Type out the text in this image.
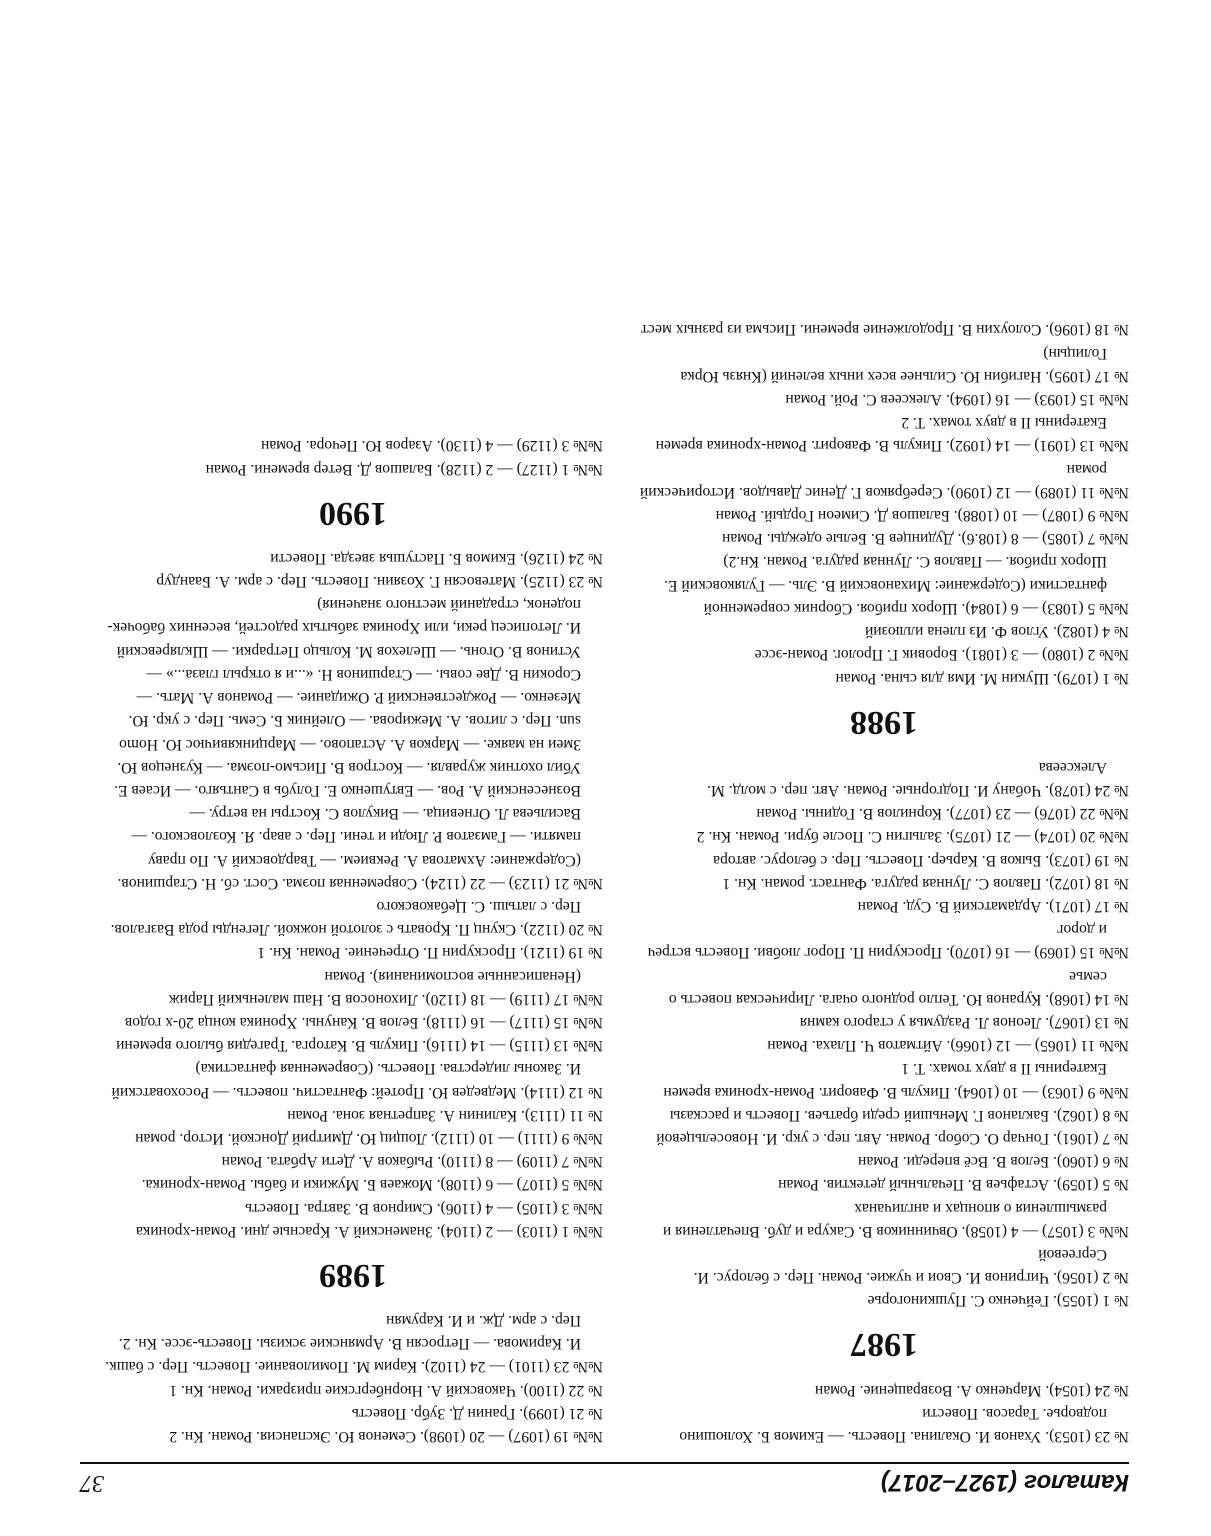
Каталог (1927–2017)
37
№ 23 (1053). Уханов И. Окалина. Повесть. — Екимов Б. Холюшино подворье. Тарасов. Повести
№ 24 (1054). Марченко А. Возвращение. Роман
1987
№ 1 (1055). Гейченко С. Пушкиногорье
№ 2 (1056). Чигринов И. Свои и чужие. Роман. Пер. с белорус. И. Сергеевой
№№ 3 (1057) — 4 (1058). Овчинников В. Сакура и дуб. Впечатления и размышления о японцах и англичанах
№ 5 (1059). Астафьев В. Печальный детектив. Роман
№ 6 (1060). Белов В. Всё впереди. Роман
№ 7 (1061). Гончар О. Собор. Роман. Авт. пер. с укр. И. Новосельцевой
№ 8 (1062). Бакланов Г. Меньший среди братьев. Повесть и рассказы
№№ 9 (1063) — 10 (1064). Пикуль В. Фаворит. Роман-хроника времен Екатерины II в двух томах. Т. 1
№№ 11 (1065) — 12 (1066). Айтматов Ч. Плаха. Роман
№ 13 (1067). Леонов Л. Раздумья у старого камня
№ 14 (1068). Куранов Ю. Тепло родного очага. Лирическая повесть о семье
№№ 15 (1069) — 16 (1070). Проскурин П. Порог любви. Повесть встреч и дорог
№ 17 (1071). Ардаматский В. Суд. Роман
№ 18 (1072). Павлов С. Лунная радуга. Фантаст. роман. Кн. 1
№ 19 (1073). Быков В. Карьер. Повесть. Пер. с белорус. автора
№№ 20 (1074) — 21 (1075). Залыгин С. После бури. Роман. Кн. 2
№№ 22 (1076) — 23 (1077). Корнилов В. Годины. Роман
№ 24 (1078). Чобану И. Подгорные. Роман. Авт. пер. с молд. М. Алексеева
1988
№ 1 (1079). Шукин М. Имя для сына. Роман
№№ 2 (1080) — 3 (1081). Боровик Г. Пролог. Роман-эссе
№ 4 (1082). Углов Ф. Из плена иллюзий
№№ 5 (1083) — 6 (1084). Шорох прибоя. Сборник современной фантастики (Содержание: Михановский В. Эль. — Гуляковский Е. Шорох прибоя. — Павлов С. Лунная радуга. Роман. Кн.2)
№№ 7 (1085) — 8 (108.6). Дудинцев В. Белые одежды. Роман
№№ 9 (1087) — 10 (1088). Балашов Д. Симеон Гордый. Роман
№№ 11 (1089) — 12 (1090). Серебряков Г. Денис Давыдов. Исторический роман
№№ 13 (1091) — 14 (1092). Пикуль В. Фаворит. Роман-хроника времен Екатерины II в двух томах. Т. 2
№№ 15 (1093) — 16 (1094). Алексеев С. Рой. Роман
№ 17 (1095). Нагибин Ю. Сильнее всех иных велений (Князь Юрка Голицын)
№ 18 (1096). Солоухин В. Продолжение времени. Письма из разных мест
№№ 19 (1097) — 20 (1098). Семенов Ю. Экспансия. Роман. Кн. 2
№ 21 (1099). Гранин Д. Зубр. Повесть
№ 22 (1100). Чаковский А. Нюрнбергские призраки. Роман. Кн. 1
№№ 23 (1101) — 24 (1102). Карим М. Помилование. Повесть. Пер. с башк. И. Каримова. — Петросян В. Армянские эскизы. Повесть-эссе. Кн. 2. Пер. с арм. Дж. и И. Карумян
1989
№№ 1 (1103) — 2 (1104). Знаменский А. Красные дни. Роман-хроника
№№ 3 (1105) — 4 (1106). Смирнов В. Завтра. Повесть
№№ 5 (1107) — 6 (1108). Можаев Б. Мужики и бабы. Роман-хроника.
№№ 7 (1109) — 8 (1110). Рыбаков А. Дети Арбата. Роман
№№ 9 (1111) — 10 (1112). Лощиц Ю. Дмитрий Донской. Истор. роман
№ 11 (1113). Калинин А. Запретная зона. Роман
№ 12 (1114). Медведев Ю. Протей: Фантастич. повесть. — Росоховатский И. Законы лидерства. Повесть. (Современная фантастика)
№№ 13 (1115) — 14 (1116). Пикуль В. Каторга. Трагедия былого времени
№№ 15 (1117) — 16 (1118). Белов В. Кануны. Хроника конца 20-х годов
№№ 17 (1119) — 18 (1120). Лихоносов В. Наш маленький Париж (Ненаписанные воспоминания). Роман
№ 19 (1121). Проскурин П. Отречение. Роман. Кн. 1
№ 20 (1122). Скунц П. Кровать с золотой ножкой. Легенды рода Вазгалов. Пер. с латыш. С. Цебаковского
№№ 21 (1123) — 22 (1124). Современная поэма. Сост. сб. Н. Старшинов. (Содержание: Ахматова А. Реквием. — Твардовский А. По праву памяти. — Гамзатов Р. Люди и тени. Пер. с авар. Я. Козловского. — Васильева Л. Огневица. — Викулов С. Костры на ветру. — Вознесенский А. Ров. — Евтушенко Е. Голубь в Сантьяго. — Исаев Е. Убил охотник журавля. — Костров В. Письмо-поэма. — Кузнецов Ю. Змеи на маяке. — Марков А. Астапово. — Марцинкявичюс Ю. Homo sun. Пер. с литов. А. Межирова. — Олейник Б. Семь. Пер. с укр. Ю. Мезенко. — Рождественский Р. Ожидание. — Романов А. Мать. — Сорокин В. Две совы. — Старшинов Н. «...и я открыл глаза...» — Устинов В. Огонь. — Шелехов М. Кольцо Петрарки. — Шкляревский И. Летописец реки, или Хроника забытых радостей, весенних бабочек-поденок, страданий местного значения)
№ 23 (1125). Матевосян Г. Хозяин. Повесть. Пер. с арм. А. Баандур
№ 24 (1126). Екимов Б. Пастушья звезда. Повести
1990
№№ 1 (1127) — 2 (1128). Балашов Д. Ветер времени. Роман
№№ 3 (1129) — 4 (1130). Азаров Ю. Печора. Роман
